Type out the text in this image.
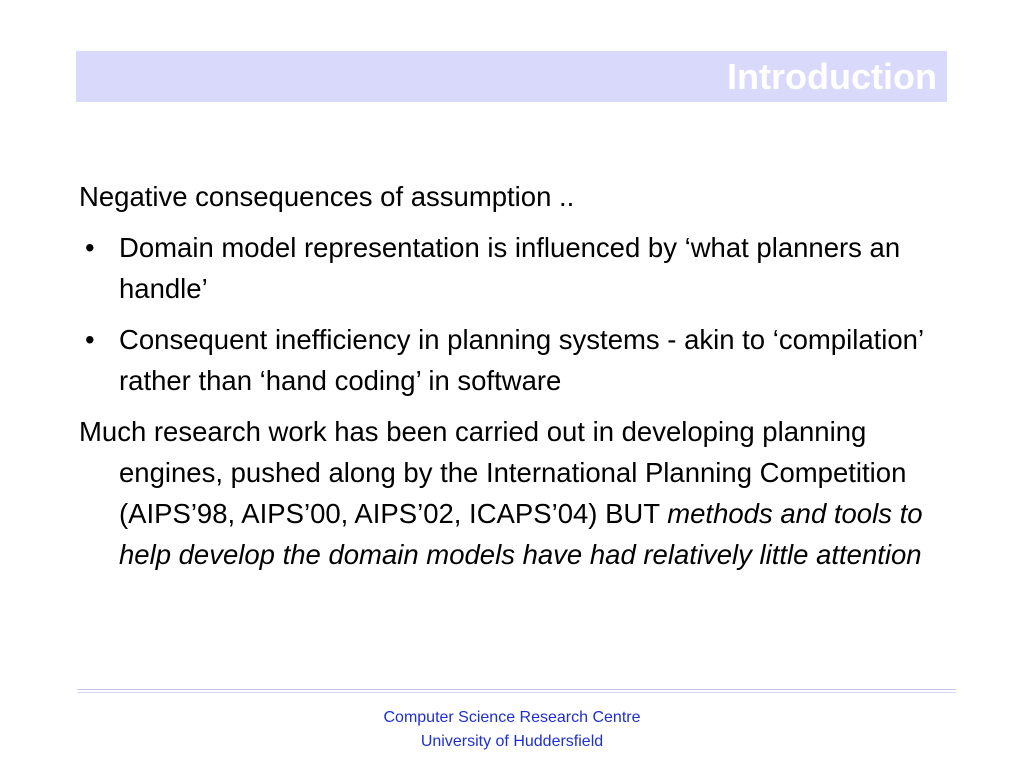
Introduction

Negative consequences of assumption ..

• Domain model representation is influenced by ‘what planners an handle’

• Consequent inefficiency in planning systems - akin to ‘compilation’ rather than ‘hand coding’ in software

Much research work has been carried out in developing planning engines, pushed along by the International Planning Competition (AIPS’98, AIPS’00, AIPS’02, ICAPS’04) BUT methods and tools to help develop the domain models have had relatively little attention

Computer Science Research Centre
University of Huddersfield
